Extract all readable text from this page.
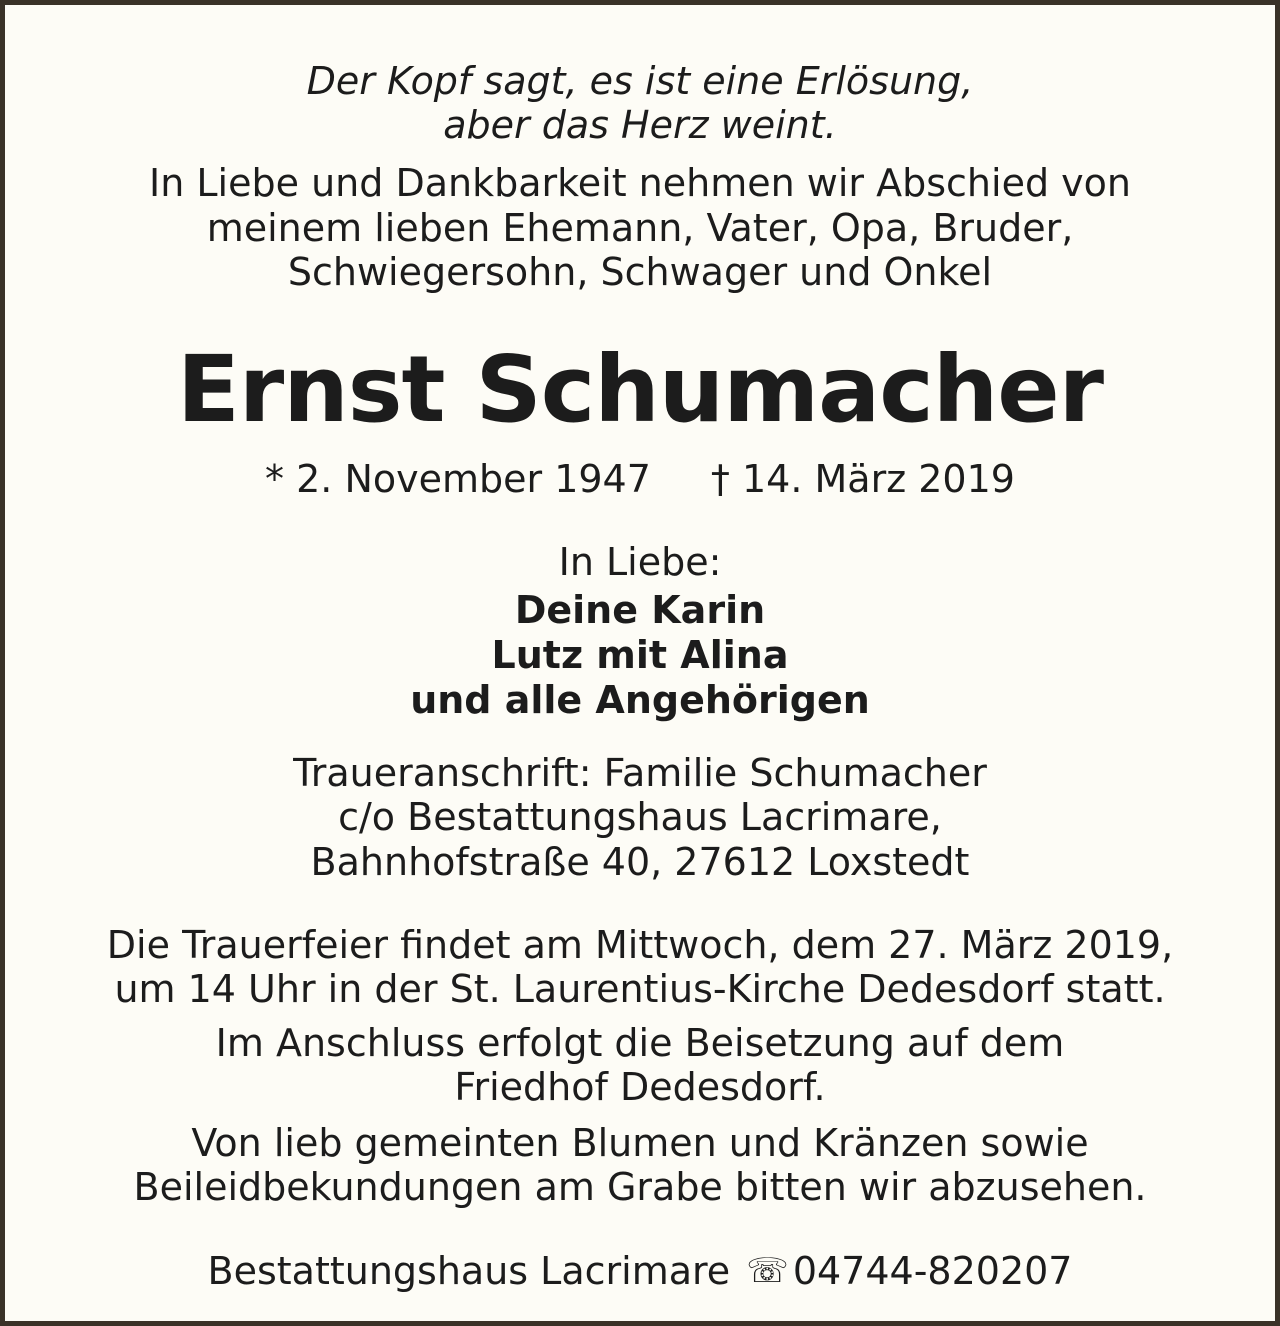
Der Kopf sagt, es ist eine Erlösung,
aber das Herz weint.
In Liebe und Dankbarkeit nehmen wir Abschied von
meinem lieben Ehemann, Vater, Opa, Bruder,
Schwiegersohn, Schwager und Onkel
Ernst Schumacher
* 2. November 1947 † 14. März 2019
In Liebe:
Deine Karin
Lutz mit Alina
und alle Angehörigen
Traueranschrift: Familie Schumacher
c/o Bestattungshaus Lacrimare,
Bahnhofstraße 40, 27612 Loxstedt
Die Trauerfeier findet am Mittwoch, dem 27. März 2019,
um 14 Uhr in der St. Laurentius-Kirche Dedesdorf statt.
Im Anschluss erfolgt die Beisetzung auf dem
Friedhof Dedesdorf.
Von lieb gemeinten Blumen und Kränzen sowie
Beileidbekundungen am Grabe bitten wir abzusehen.
Bestattungshaus Lacrimare ☏ 04744-820207
